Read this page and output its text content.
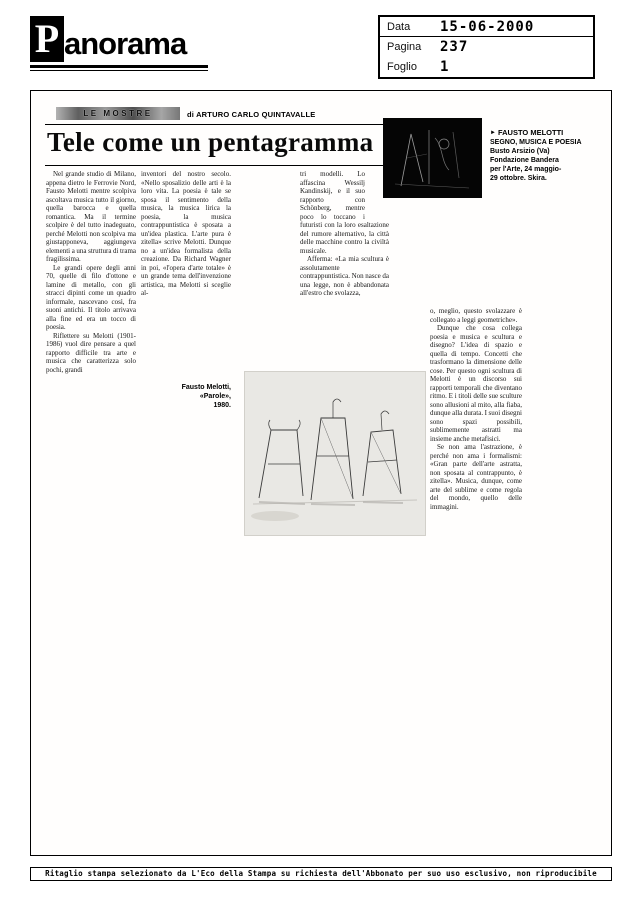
P anorama	Data	15-06-2000
Pagina	237
Foglio	1
LE MOSTRE	di ARTURO CARLO QUINTAVALLE
Tele come un pentagramma	► FAUSTO MELOTTI
SEGNO, MUSICA E POESIA
Busto Arsizio (Va)
Fondazione Bandera
per l'Arte, 24 maggio-
29 ottobre. Skira.

Nel grande studio di Milano, appena dietro le Ferrovie Nord, Fausto Melotti mentre scolpiva ascoltava musica tutto il giorno, quella barocca e quella romantica. Ma il termine scolpire è del tutto inadeguato, perché Melotti non scolpiva ma giustapponeva, aggiungeva elementi a una struttura di trama fragilissima.

Le grandi opere degli anni 70, quelle di filo d'ottone e lamine di metallo, con gli stracci dipinti come un quadro informale, nascevano così, fra suoni antichi. Il titolo arrivava alla fine ed era un tocco di poesia.

Riflettere su Melotti (1901-1986) vuol dire pensare a quel rapporto difficile tra arte e musica che caratterizza solo pochi, grandi

inventori del nostro secolo. «Nello sposalizio delle arti è la loro vita. La poesia è tale se sposa il sentimento della musica, la musica lirica la poesia, la musica contrappuntistica è sposata a un'idea plastica. L'arte pura è zitella» scrive Melotti. Dunque no a un'idea formalista della creazione. Da Richard Wagner in poi, «l'opera d'arte totale» è un grande tema dell'invenzione artistica, ma Melotti si sceglie al-

tri modelli. Lo affascina Wessilj Kandinskij, e il suo rapporto con Schönberg, mentre poco lo toccano i futuristi con la loro esaltazione del rumore alternativo, la città delle macchine contro la civiltà musicale.

Afferma: «La mia scultura è assolutamente contrappuntistica. Non nasce da una legge, non è abbandonata all'estro che svolazza,

o, meglio, questo svolazzare è collegato a leggi geometriche».

Dunque che cosa collega poesia e musica e scultura e disegno? L'idea di spazio e quella di tempo. Concetti che trasformano la dimensione delle cose. Per questo ogni scultura di Melotti è un discorso sui rapporti temporali che diventano ritmo. E i titoli delle sue sculture sono allusioni al mito, alla fiaba, dunque alla durata. I suoi disegni sono spazi possibili, sublimemente astratti ma insieme anche metafisici.

Se non ama l'astrazione, è perché non ama i formalismi: «Gran parte dell'arte astratta, non sposata al contrappunto, è zitella». Musica, dunque, come arte del sublime e come regola del mondo, quello delle immagini.

Fausto Melotti, «Parole», 1980.
Ritaglio stampa selezionato da L'Eco della Stampa su richiesta dell'Abbonato per suo uso esclusivo, non riproducibile
